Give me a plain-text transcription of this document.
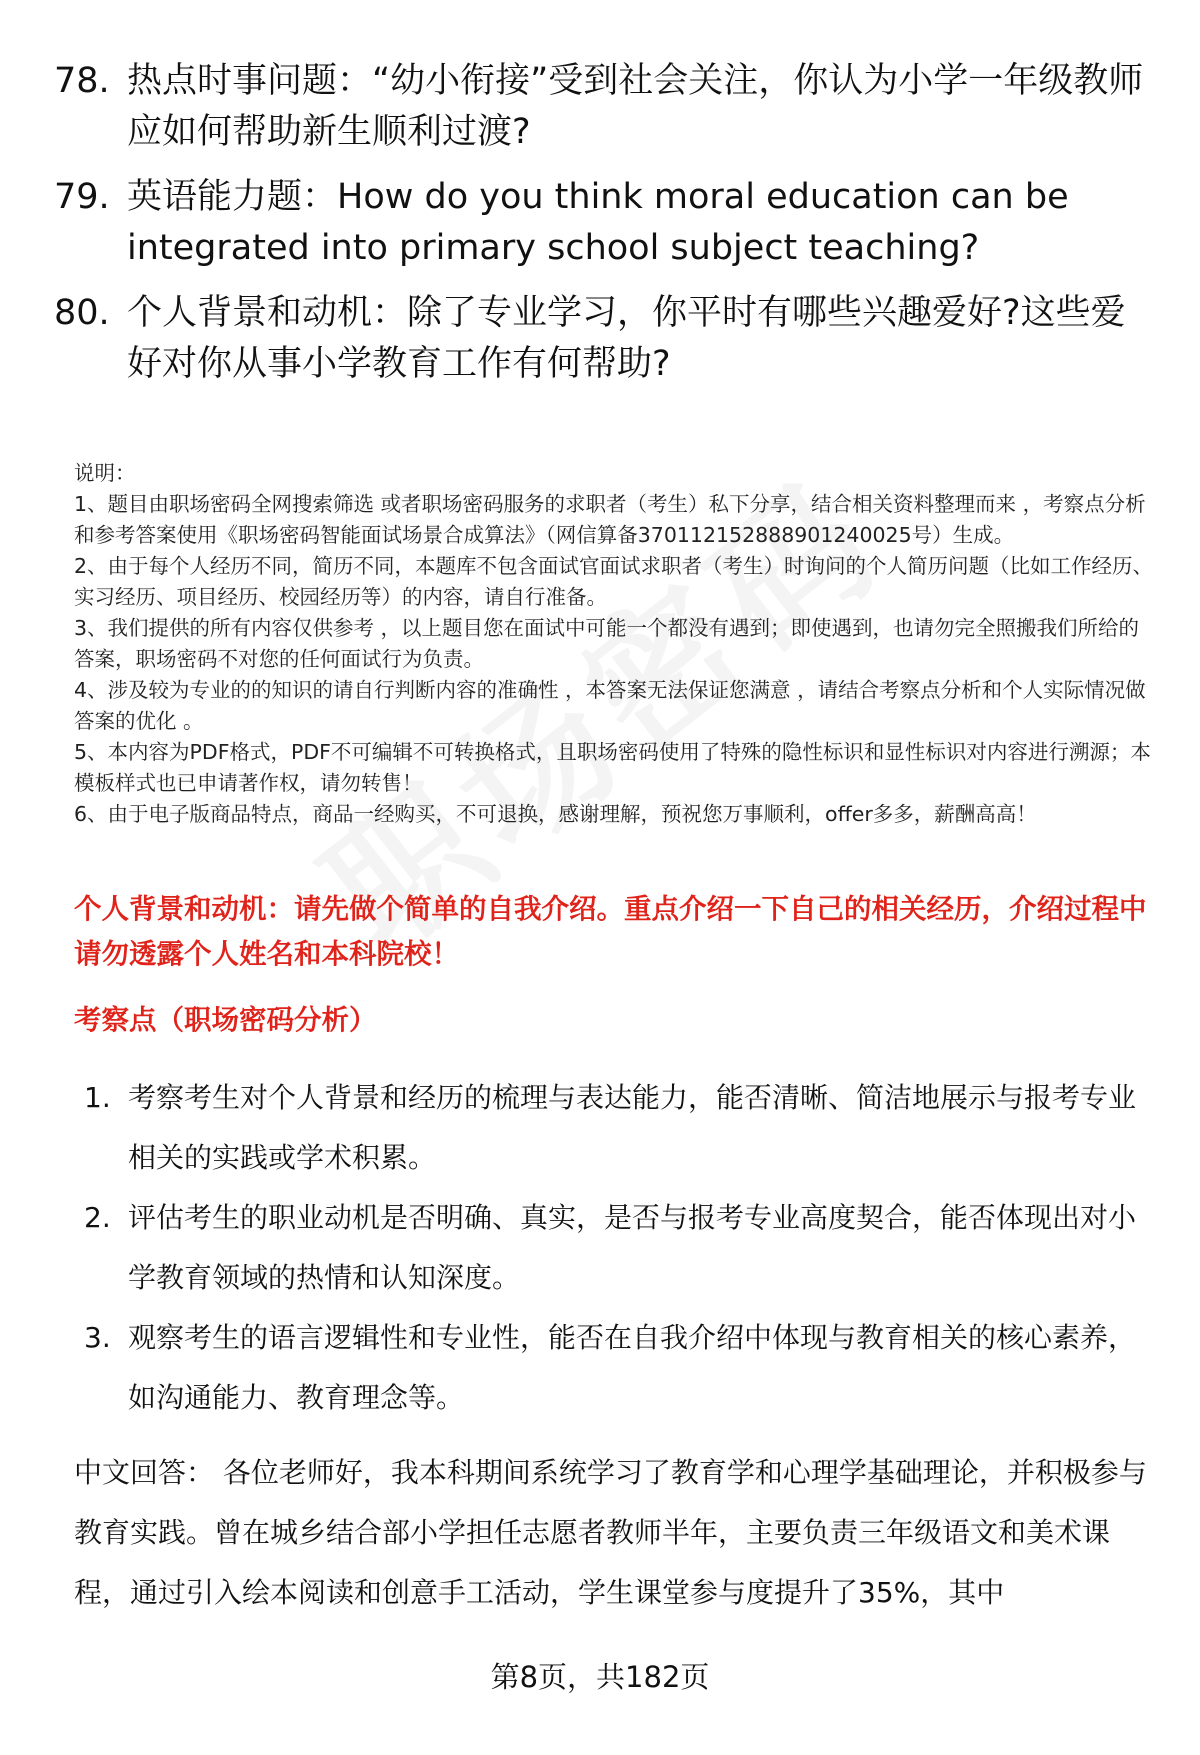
78. 热点时事问题：“幼小衔接”受到社会关注，你认为小学一年级教师应如何帮助新生顺利过渡?
79. 英语能力题：How do you think moral education can be integrated into primary school subject teaching?
80. 个人背景和动机：除了专业学习，你平时有哪些兴趣爱好?这些爱好对你从事小学教育工作有何帮助?
说明：
1、题目由职场密码全网搜索筛选 或者职场密码服务的求职者（考生）私下分享，结合相关资料整理而来 ，考察点分析和参考答案使用《职场密码智能面试场景合成算法》（网信算备370112152888901240025号）生成。
2、由于每个人经历不同，简历不同，本题库不包含面试官面试求职者（考生）时询问的个人简历问题（比如工作经历、实习经历、项目经历、校园经历等）的内容，请自行准备。
3、我们提供的所有内容仅供参考 ，以上题目您在面试中可能一个都没有遇到；即使遇到，也请勿完全照搬我们所给的答案，职场密码不对您的任何面试行为负责。
4、涉及较为专业的的知识的请自行判断内容的准确性 ，本答案无法保证您满意 ，请结合考察点分析和个人实际情况做答案的优化 。
5、本内容为PDF格式，PDF不可编辑不可转换格式，且职场密码使用了特殊的隐性标识和显性标识对内容进行溯源；本模板样式也已申请著作权，请勿转售！
6、由于电子版商品特点，商品一经购买，不可退换，感谢理解，预祝您万事顺利，offer多多，薪酬高高！
个人背景和动机：请先做个简单的自我介绍。重点介绍一下自己的相关经历，介绍过程中请勿透露个人姓名和本科院校！
考察点（职场密码分析）
1. 考察考生对个人背景和经历的梳理与表达能力，能否清晰、简洁地展示与报考专业相关的实践或学术积累。
2. 评估考生的职业动机是否明确、真实，是否与报考专业高度契合，能否体现出对小学教育领域的热情和认知深度。
3. 观察考生的语言逻辑性和专业性，能否在自我介绍中体现与教育相关的核心素养，如沟通能力、教育理念等。
中文回答： 各位老师好，我本科期间系统学习了教育学和心理学基础理论，并积极参与教育实践。曾在城乡结合部小学担任志愿者教师半年，主要负责三年级语文和美术课程，通过引入绘本阅读和创意手工活动，学生课堂参与度提升了35%，其中
第8页，共182页
